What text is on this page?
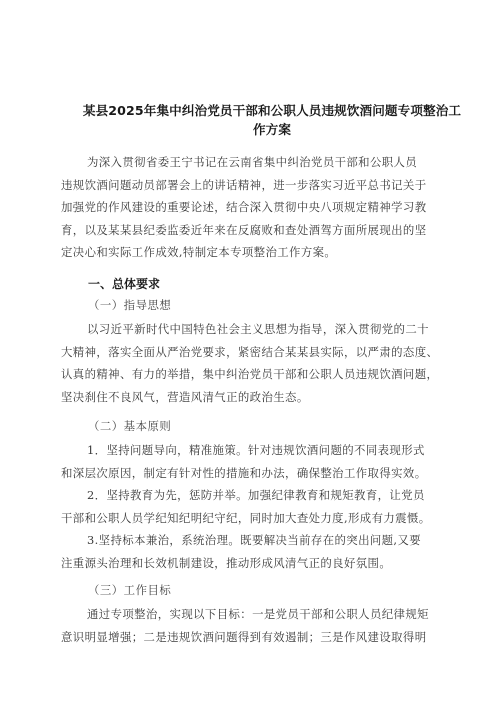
某县2025年集中纠治党员干部和公职人员违规饮酒问题专项整治工
作方案
为深入贯彻省委王宁书记在云南省集中纠治党员干部和公职人员
违规饮酒问题动员部署会上的讲话精神，进一步落实习近平总书记关于
加强党的作风建设的重要论述，结合深入贯彻中央八项规定精神学习教
育，以及某某县纪委监委近年来在反腐败和查处酒驾方面所展现出的坚
定决心和实际工作成效,特制定本专项整治工作方案。
一、总体要求
（一）指导思想
以习近平新时代中国特色社会主义思想为指导，深入贯彻党的二十
大精神，落实全面从严治党要求，紧密结合某某县实际，以严肃的态度、
认真的精神、有力的举措，集中纠治党员干部和公职人员违规饮酒问题，
坚决刹住不良风气，营造风清气正的政治生态。
（二）基本原则
1．坚持问题导向，精准施策。针对违规饮酒问题的不同表现形式
和深层次原因，制定有针对性的措施和办法，确保整治工作取得实效。
2．坚持教育为先，惩防并举。加强纪律教育和规矩教育，让党员
干部和公职人员学纪知纪明纪守纪，同时加大查处力度,形成有力震慑。
3.坚持标本兼治，系统治理。既要解决当前存在的突出问题,又要
注重源头治理和长效机制建设，推动形成风清气正的良好氛围。
（三）工作目标
通过专项整治，实现以下目标：一是党员干部和公职人员纪律规矩
意识明显增强；二是违规饮酒问题得到有效遏制；三是作风建设取得明
